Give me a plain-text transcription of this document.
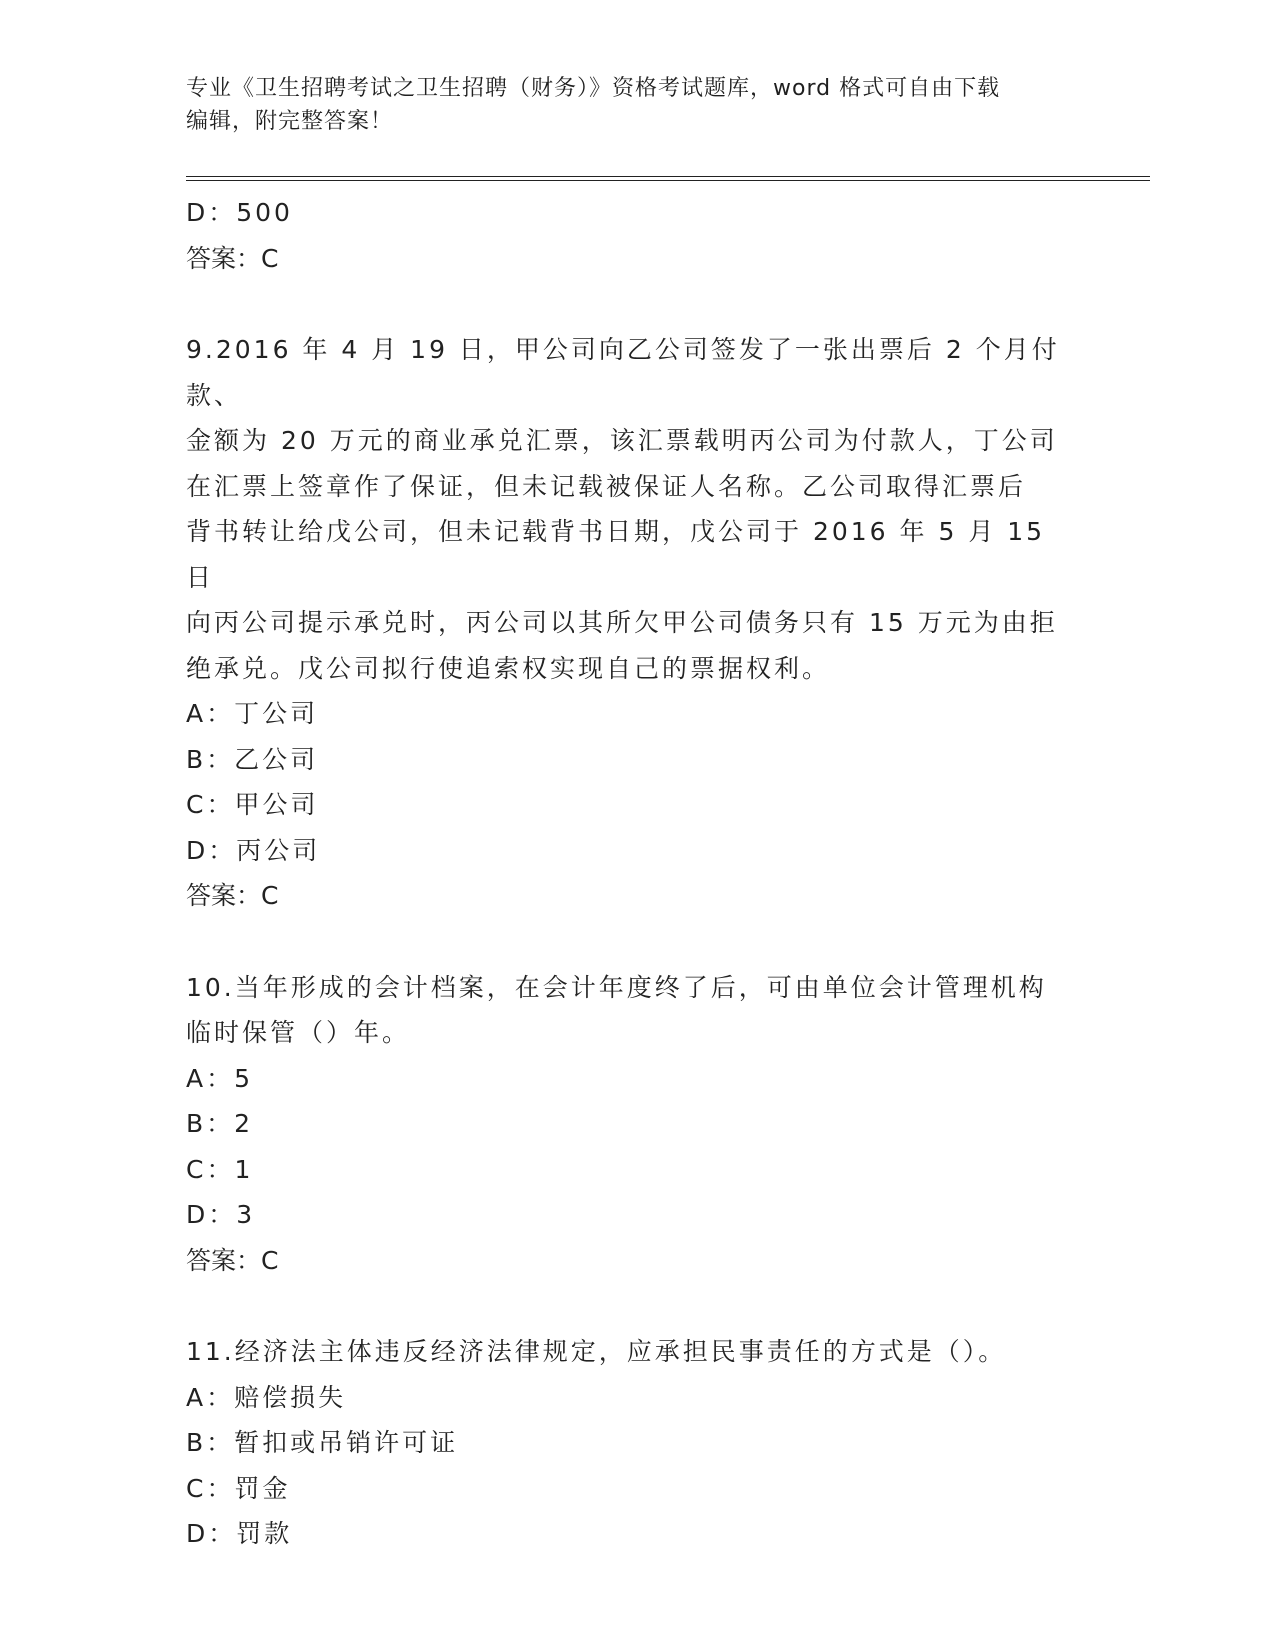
专业《卫生招聘考试之卫生招聘（财务）》资格考试题库，word 格式可自由下载
编辑，附完整答案！
D：500
答案：C
9.2016 年 4 月 19 日，甲公司向乙公司签发了一张出票后 2 个月付款、
金额为 20 万元的商业承兑汇票，该汇票载明丙公司为付款人，丁公司
在汇票上签章作了保证，但未记载被保证人名称。乙公司取得汇票后
背书转让给戊公司，但未记载背书日期，戊公司于 2016 年 5 月 15 日
向丙公司提示承兑时，丙公司以其所欠甲公司债务只有 15 万元为由拒
绝承兑。戊公司拟行使追索权实现自己的票据权利。
A：丁公司
B：乙公司
C：甲公司
D：丙公司
答案：C
10.当年形成的会计档案，在会计年度终了后，可由单位会计管理机构
临时保管（）年。
A：5
B：2
C：1
D：3
答案：C
11.经济法主体违反经济法律规定，应承担民事责任的方式是（）。
A：赔偿损失
B：暂扣或吊销许可证
C：罚金
D：罚款
